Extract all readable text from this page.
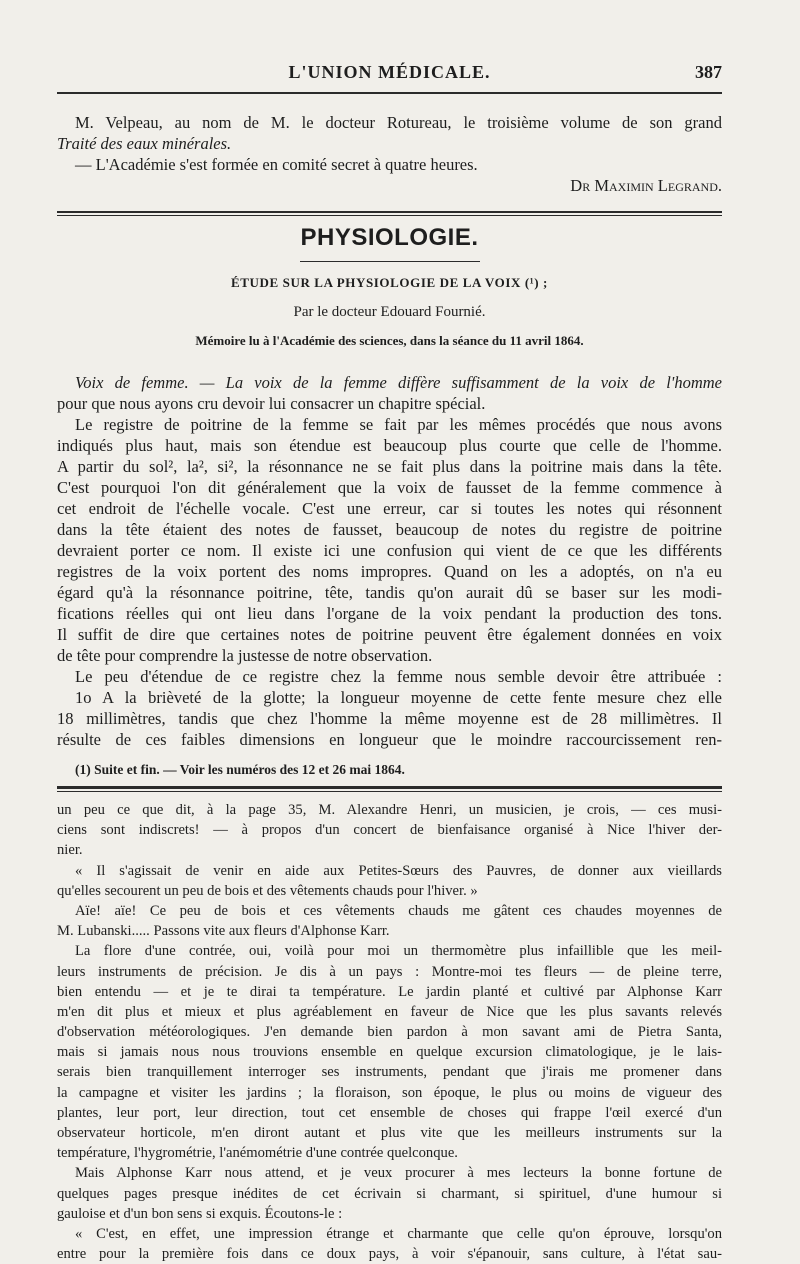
L'UNION MÉDICALE.	387
M. Velpeau, au nom de M. le docteur Rotureau, le troisième volume de son grand
Traité des eaux minérales.
— L'Académie s'est formée en comité secret à quatre heures.
Dr Maximin Legrand.
PHYSIOLOGIE.
ÉTUDE SUR LA PHYSIOLOGIE DE LA VOIX (¹) ;
Par le docteur Edouard Fournié.
Mémoire lu à l'Académie des sciences, dans la séance du 11 avril 1864.
Voix de femme. — La voix de la femme diffère suffisamment de la voix de l'homme
pour que nous ayons cru devoir lui consacrer un chapitre spécial.
Le registre de poitrine de la femme se fait par les mêmes procédés que nous avons
indiqués plus haut, mais son étendue est beaucoup plus courte que celle de l'homme.
A partir du sol², la², si², la résonnance ne se fait plus dans la poitrine mais dans la tête.
C'est pourquoi l'on dit généralement que la voix de fausset de la femme commence à
cet endroit de l'échelle vocale. C'est une erreur, car si toutes les notes qui résonnent
dans la tête étaient des notes de fausset, beaucoup de notes du registre de poitrine
devraient porter ce nom. Il existe ici une confusion qui vient de ce que les différents
registres de la voix portent des noms impropres. Quand on les a adoptés, on n'a eu
égard qu'à la résonnance poitrine, tête, tandis qu'on aurait dû se baser sur les modi-
fications réelles qui ont lieu dans l'organe de la voix pendant la production des tons.
Il suffit de dire que certaines notes de poitrine peuvent être également données en voix
de tête pour comprendre la justesse de notre observation.
Le peu d'étendue de ce registre chez la femme nous semble devoir être attribuée :
1o A la brièveté de la glotte; la longueur moyenne de cette fente mesure chez elle
18 millimètres, tandis que chez l'homme la même moyenne est de 28 millimètres. Il
résulte de ces faibles dimensions en longueur que le moindre raccourcissement ren-
(1) Suite et fin. — Voir les numéros des 12 et 26 mai 1864.
un peu ce que dit, à la page 35, M. Alexandre Henri, un musicien, je crois, — ces musi-
ciens sont indiscrets! — à propos d'un concert de bienfaisance organisé à Nice l'hiver der-
nier.
« Il s'agissait de venir en aide aux Petites-Sœurs des Pauvres, de donner aux vieillards
qu'elles secourent un peu de bois et des vêtements chauds pour l'hiver. »
Aïe! aïe! Ce peu de bois et ces vêtements chauds me gâtent ces chaudes moyennes de
M. Lubanski..... Passons vite aux fleurs d'Alphonse Karr.
La flore d'une contrée, oui, voilà pour moi un thermomètre plus infaillible que les meil-
leurs instruments de précision. Je dis à un pays : Montre-moi tes fleurs — de pleine terre,
bien entendu — et je te dirai ta température. Le jardin planté et cultivé par Alphonse Karr
m'en dit plus et mieux et plus agréablement en faveur de Nice que les plus savants relevés
d'observation météorologiques. J'en demande bien pardon à mon savant ami de Pietra Santa,
mais si jamais nous nous trouvions ensemble en quelque excursion climatologique, je le lais-
serais bien tranquillement interroger ses instruments, pendant que j'irais me promener dans
la campagne et visiter les jardins ; la floraison, son époque, le plus ou moins de vigueur des
plantes, leur port, leur direction, tout cet ensemble de choses qui frappe l'œil exercé d'un
observateur horticole, m'en diront autant et plus vite que les meilleurs instruments sur la
température, l'hygrométrie, l'anémométrie d'une contrée quelconque.
Mais Alphonse Karr nous attend, et je veux procurer à mes lecteurs la bonne fortune de
quelques pages presque inédites de cet écrivain si charmant, si spirituel, d'une humour si
gauloise et d'un bon sens si exquis. Écoutons-le :
« C'est, en effet, une impression étrange et charmante que celle qu'on éprouve, lorsqu'on
entre pour la première fois dans ce doux pays, à voir s'épanouir, sans culture, à l'état sau-
